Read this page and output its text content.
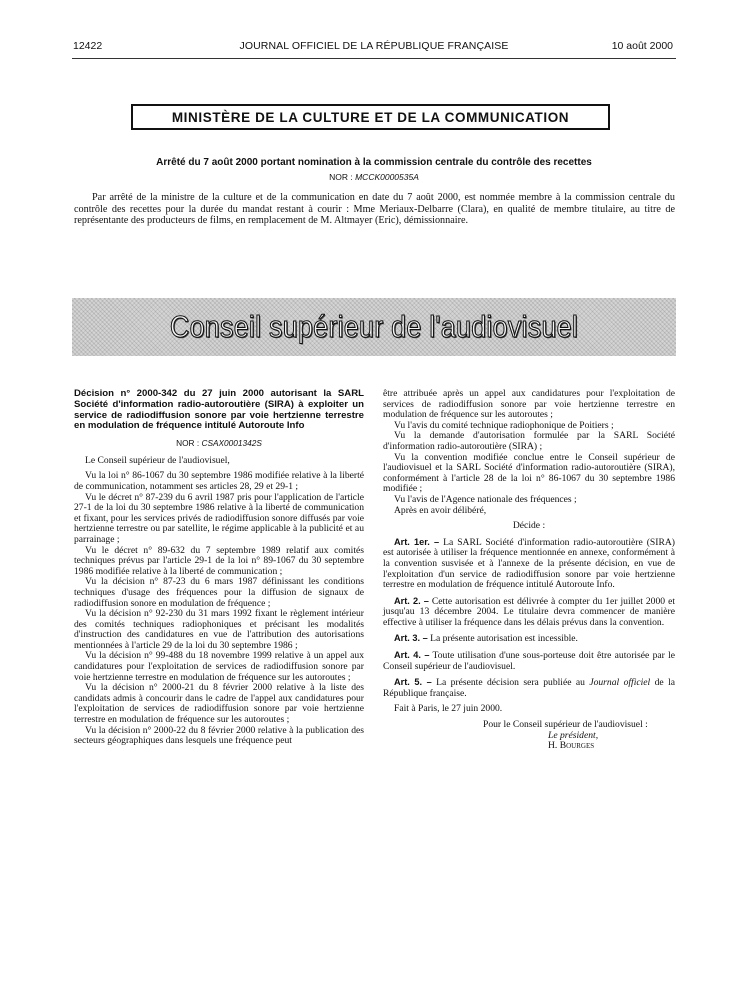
12422	JOURNAL OFFICIEL DE LA RÉPUBLIQUE FRANÇAISE	10 août 2000
MINISTÈRE DE LA CULTURE ET DE LA COMMUNICATION
Arrêté du 7 août 2000 portant nomination à la commission centrale du contrôle des recettes
NOR : MCCK0000535A

Par arrêté de la ministre de la culture et de la communication en date du 7 août 2000, est nommée membre à la commission centrale du contrôle des recettes pour la durée du mandat restant à courir : Mme Meriaux-Delbarre (Clara), en qualité de membre titulaire, au titre de représentante des producteurs de films, en remplacement de M. Altmayer (Eric), démissionnaire.

Conseil supérieur de l'audiovisuel

Décision n° 2000-342 du 27 juin 2000 autorisant la SARL Société d'information radio-autoroutière (SIRA) à exploiter un service de radiodiffusion sonore par voie hertzienne terrestre en modulation de fréquence intitulé Autoroute Info

NOR : CSAX0001342S

Le Conseil supérieur de l'audiovisuel,

Vu la loi n° 86-1067 du 30 septembre 1986 modifiée relative à la liberté de communication, notamment ses articles 28, 29 et 29-1 ;

Vu le décret n° 87-239 du 6 avril 1987 pris pour l'application de l'article 27-1 de la loi du 30 septembre 1986 relative à la liberté de communication et fixant, pour les services privés de radiodiffusion sonore diffusés par voie hertzienne terrestre ou par satellite, le régime applicable à la publicité et au parrainage ;

Vu le décret n° 89-632 du 7 septembre 1989 relatif aux comités techniques prévus par l'article 29-1 de la loi n° 89-1067 du 30 septembre 1986 modifiée relative à la liberté de communication ;

Vu la décision n° 87-23 du 6 mars 1987 définissant les conditions techniques d'usage des fréquences pour la diffusion de signaux de radiodiffusion sonore en modulation de fréquence ;

Vu la décision n° 92-230 du 31 mars 1992 fixant le règlement intérieur des comités techniques radiophoniques et précisant les modalités d'instruction des candidatures en vue de l'attribution des autorisations mentionnées à l'article 29 de la loi du 30 septembre 1986 ;

Vu la décision n° 99-488 du 18 novembre 1999 relative à un appel aux candidatures pour l'exploitation de services de radiodiffusion sonore par voie hertzienne terrestre en modulation de fréquence sur les autoroutes ;

Vu la décision n° 2000-21 du 8 février 2000 relative à la liste des candidats admis à concourir dans le cadre de l'appel aux candidatures pour l'exploitation de services de radiodiffusion sonore par voie hertzienne terrestre en modulation de fréquence sur les autoroutes ;

Vu la décision n° 2000-22 du 8 février 2000 relative à la publication des secteurs géographiques dans lesquels une fréquence peut

être attribuée après un appel aux candidatures pour l'exploitation de services de radiodiffusion sonore par voie hertzienne terrestre en modulation de fréquence sur les autoroutes ;

Vu l'avis du comité technique radiophonique de Poitiers ;

Vu la demande d'autorisation formulée par la SARL Société d'information radio-autoroutière (SIRA) ;

Vu la convention modifiée conclue entre le Conseil supérieur de l'audiovisuel et la SARL Société d'information radio-autoroutière (SIRA), conformément à l'article 28 de la loi n° 86-1067 du 30 septembre 1986 modifiée ;

Vu l'avis de l'Agence nationale des fréquences ;

Après en avoir délibéré,

Décide :

Art. 1er. – La SARL Société d'information radio-autoroutière (SIRA) est autorisée à utiliser la fréquence mentionnée en annexe, conformément à la convention susvisée et à l'annexe de la présente décision, en vue de l'exploitation d'un service de radiodiffusion sonore par voie hertzienne terrestre en modulation de fréquence intitulé Autoroute Info.

Art. 2. – Cette autorisation est délivrée à compter du 1er juillet 2000 et jusqu'au 13 décembre 2004. Le titulaire devra commencer de manière effective à utiliser la fréquence dans les délais prévus dans la convention.

Art. 3. – La présente autorisation est incessible.

Art. 4. – Toute utilisation d'une sous-porteuse doit être autorisée par le Conseil supérieur de l'audiovisuel.

Art. 5. – La présente décision sera publiée au Journal officiel de la République française.

Fait à Paris, le 27 juin 2000.

Pour le Conseil supérieur de l'audiovisuel :

Le président,

H. Bourges
